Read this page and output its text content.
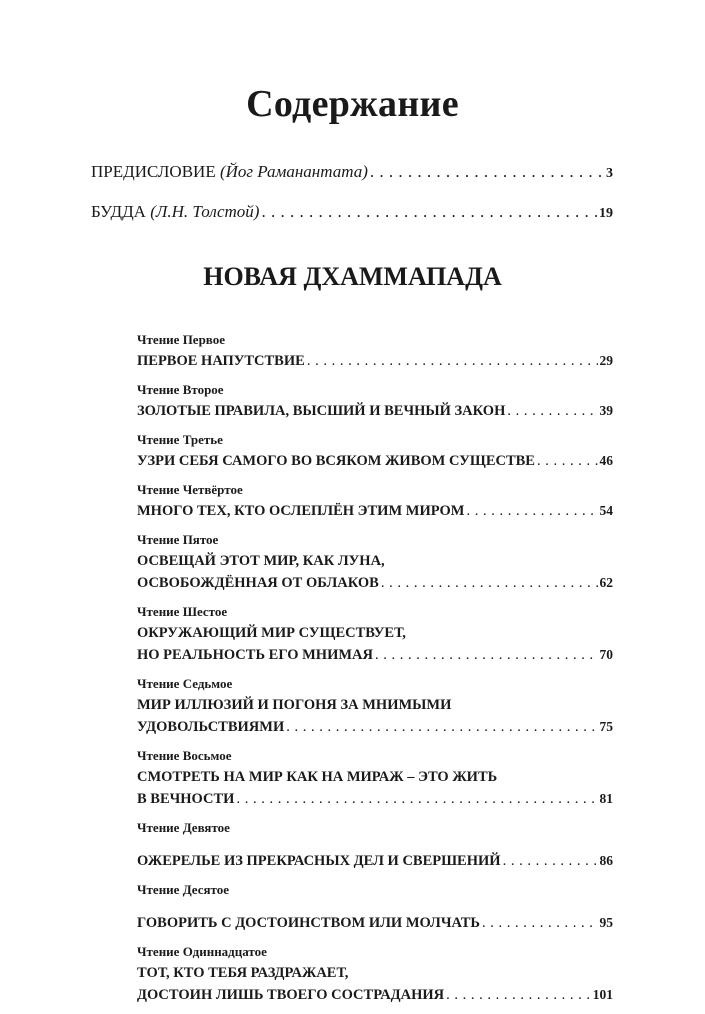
Содержание
ПРЕДИСЛОВИЕ (Йог Раманантата) . . .	3
БУДДА (Л.Н. Толстой) . . .	19
НОВАЯ ДХАММАПАДА
Чтение Первое
ПЕРВОЕ НАПУТСТВИЕ . . .	29
Чтение Второе
ЗОЛОТЫЕ ПРАВИЛА, ВЫСШИЙ И ВЕЧНЫЙ ЗАКОН . . .	39
Чтение Третье
УЗРИ СЕБЯ САМОГО ВО ВСЯКОМ ЖИВОМ СУЩЕСТВЕ . . .	46
Чтение Четвёртое
МНОГО ТЕХ, КТО ОСЛЕПЛЁН ЭТИМ МИРОМ . . .	54
Чтение Пятое
ОСВЕЩАЙ ЭТОТ МИР, КАК ЛУНА,
ОСВОБОЖДЁННАЯ ОТ ОБЛАКОВ . . .	62
Чтение Шестое
ОКРУЖАЮЩИЙ МИР СУЩЕСТВУЕТ,
НО РЕАЛЬНОСТЬ ЕГО МНИМАЯ . . .	70
Чтение Седьмое
МИР ИЛЛЮЗИЙ И ПОГОНЯ ЗА МНИМЫМИ
УДОВОЛЬСТВИЯМИ . . .	75
Чтение Восьмое
СМОТРЕТЬ НА МИР КАК НА МИРАЖ – ЭТО ЖИТЬ
В ВЕЧНОСТИ . . .	81
Чтение Девятое
ОЖЕРЕЛЬЕ ИЗ ПРЕКРАСНЫХ ДЕЛ И СВЕРШЕНИЙ . . .	86
Чтение Десятое
ГОВОРИТЬ С ДОСТОИНСТВОМ ИЛИ МОЛЧАТЬ . . .	95
Чтение Одиннадцатое
ТОТ, КТО ТЕБЯ РАЗДРАЖАЕТ,
ДОСТОИН ЛИШЬ ТВОЕГО СОСТРАДАНИЯ . . .	101
